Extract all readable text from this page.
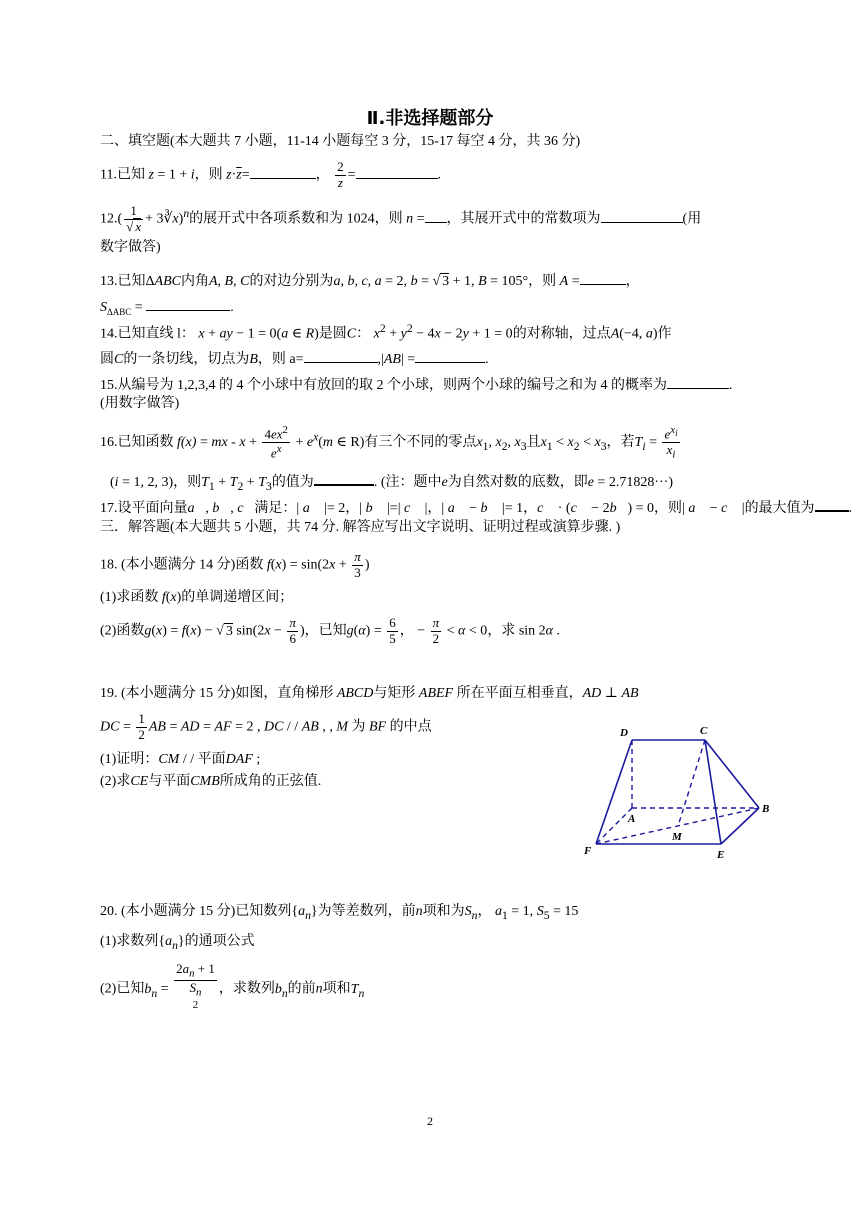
Ⅱ.非选择题部分
二、填空题(本大题共 7 小题，11-14 小题每空 3 分，15-17 每空 4 分，共 36 分)
11.已知 z = 1 + i，则 $z\cdot\overline{z}=$	， $\frac{2}{z}$ =	.
$12.( \frac{1}{√ x}$ + 3∛x)$^n$的展开式中各项系数和为 1024，则 n = ，其展开式中的常数项为	(用
数字做答)
13.已知ΔABC内角A, B, C的对边分别为a, b, c, a = 2, b = √ 3 + 1, B = 105°，则 A =	，
$S_{\Delta ABC}$ =	.
14.已知直线 l： x + ay − 1 = 0(a ∈ R)是圆C： $x^2 + y^2 - 4x - 2y + 1 = 0$的对称轴，过点A(−4, a)作
圆C的一条切线，切点为B，则 a=	,|AB| =	.
15.从编号为 1,2,3,4 的 4 个小球中有放回的取 2 个小球，则两个小球的编号之和为 4 的概率为	.
(用数字做答)
16.已知函数 f(x) = mx - $x + \frac{4ex^2}{e^x} + e^x(m$ ∈ R)有三个不同的零点$x_1$, $x_2$, $x_3$且$x_1 < x_2 < x_3$，若$T_i = \frac{e^{x_i}}{x_i}$
(i = 1, 2, 3)，则$T_1 + T_2 + T_3$的值为	. (注：题中e为自然对数的底数，即e = 2.71828···)
17.设平面向量a⃗, b⃗, c⃗满足：| a⃗ |= 2，| b⃗ |=| c⃗ |，| a⃗ − b⃗ |= 1，c⃗ · (c⃗ − 2b⃗) = 0，则| a⃗ − c⃗ |的最大值为 .
三．解答题(本大题共 5 小题，共 74 分. 解答应写出文字说明、证明过程或演算步骤. )
18. (本小题满分 14 分)函数 $f(x) = \sin(2x + \frac{\pi}{3}$ )
(1)求函数 f(x)的单调递增区间；
(2)函数g(x) = f(x) − √ 3 $\sin(2x - \frac{\pi}{6}$ )，已知$g(\alpha) = \frac{6}{5}$ ， − $\frac{\pi}{2} < \alpha < 0$，求 sin 2α .
19. (本小题满分 15 分)如图，直角梯形 ABCD与矩形 ABEF 所在平面互相垂直，AD ⊥ AB
DC = $\frac{1}{2}$ AB = AD = AF = 2 , DC / / AB , , M 为 BF 的中点
(1)证明：CM / / 平面DAF ;
(2)求CE与平面CMB所成角的正弦值.
D	C
A
B
M
F	E
20. (本小题满分 15 分)已知数列$\{a_n\}$为等差数列，前n项和为$S_n$， $a_1 = 1$, $S_5 = 15$
(1)求数列$\{a_n\}$的通项公式
(2)已知$b_n$ =
$2a_n + 1$
$S_n$
$^2$，求数列$b_n$的前n项和$T_n$
2
